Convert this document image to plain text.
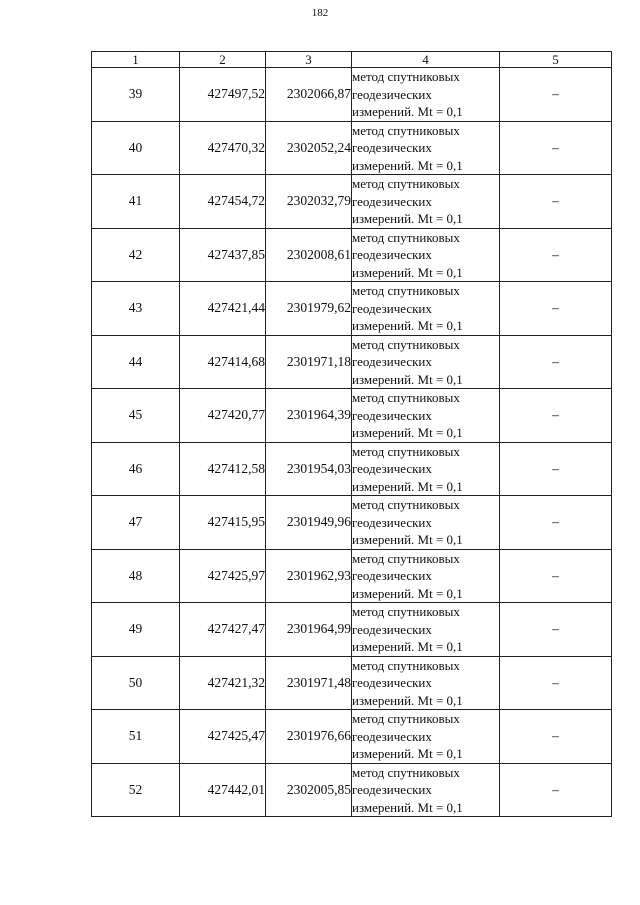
182
1	2	3	4	5
39	427497,52	2302066,87	метод спутниковых
геодезических
измерений. Mt = 0,1	–
40	427470,32	2302052,24	метод спутниковых
геодезических
измерений. Mt = 0,1	–
41	427454,72	2302032,79	метод спутниковых
геодезических
измерений. Mt = 0,1	–
42	427437,85	2302008,61	метод спутниковых
геодезических
измерений. Mt = 0,1	–
43	427421,44	2301979,62	метод спутниковых
геодезических
измерений. Mt = 0,1	–
44	427414,68	2301971,18	метод спутниковых
геодезических
измерений. Mt = 0,1	–
45	427420,77	2301964,39	метод спутниковых
геодезических
измерений. Mt = 0,1	–
46	427412,58	2301954,03	метод спутниковых
геодезических
измерений. Mt = 0,1	–
47	427415,95	2301949,96	метод спутниковых
геодезических
измерений. Mt = 0,1	–
48	427425,97	2301962,93	метод спутниковых
геодезических
измерений. Mt = 0,1	–
49	427427,47	2301964,99	метод спутниковых
геодезических
измерений. Mt = 0,1	–
50	427421,32	2301971,48	метод спутниковых
геодезических
измерений. Mt = 0,1	–
51	427425,47	2301976,66	метод спутниковых
геодезических
измерений. Mt = 0,1	–
52	427442,01	2302005,85	метод спутниковых
геодезических
измерений. Mt = 0,1	–
